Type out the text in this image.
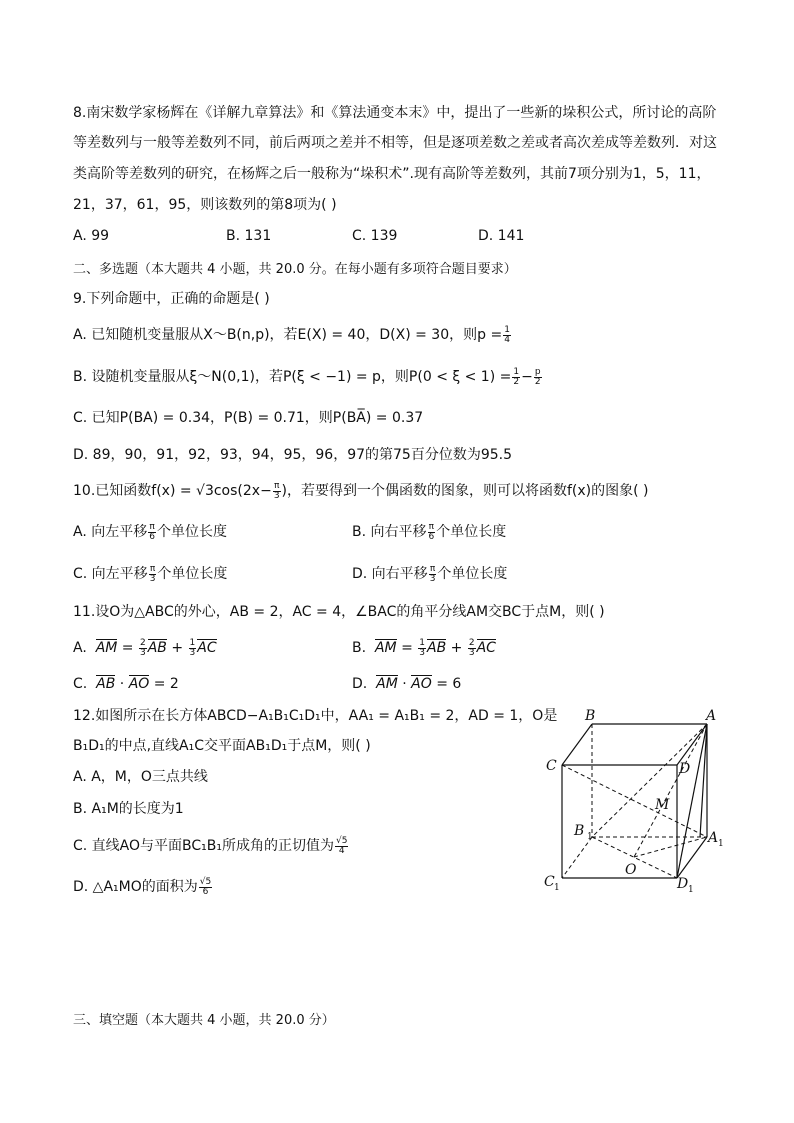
8.南宋数学家杨辉在《详解九章算法》和《算法通变本末》中，提出了一些新的垛积公式，所讨论的高阶
等差数列与一般等差数列不同，前后两项之差并不相等，但是逐项差数之差或者高次差成等差数列．对这
类高阶等差数列的研究，在杨辉之后一般称为“垛积术”.现有高阶等差数列，其前7项分别为1，5，11，
21，37，61，95，则该数列的第8项为( )
A. 99	B. 131	C. 139	D. 141
二、多选题（本大题共 4 小题，共 20.0 分。在每小题有多项符合题目要求）
9.下列命题中，正确的命题是( )
A. 已知随机变量服从X～B(n,p)，若E(X) = 40，D(X) = 30，则$p = \frac{1}{4}$
B. 设随机变量服从ξ～N(0,1)，若P(ξ < −1) = p，则$P(0 < \xi < 1) = \frac{1}{2} - \frac{p}{2}$
C. 已知P(BA) = 0.34，P(B) = 0.71，则P(BA̅) = 0.37
D. 89，90，91，92，93，94，95，96，97的第75百分位数为95.5
10.已知函数$f(x) = √3\cos(2x- \frac{\pi}{3}$ )，若要得到一个偶函数的图象，则可以将函数f(x)的图象( )
A. 向左平移 $\frac{\pi}{6}$ 个单位长度	B. 向右平移 $\frac{\pi}{6}$ 个单位长度
C. 向左平移 $\frac{\pi}{3}$ 个单位长度	D. 向右平移 $\frac{\pi}{3}$ 个单位长度
11.设O为△ABC的外心，AB = 2，AC = 4，∠BAC的角平分线AM交BC于点M，则( )
A. AM = $\frac{2}{3}$ AB + $\frac{1}{3}$ AC	B. AM = $\frac{1}{3}$ AB + $\frac{2}{3}$ AC
C. AB · AO = 2	D. AM · AO = 6
12.如图所示在长方体ABCD−A₁B₁C₁D₁中，AA₁ = A₁B₁ = 2，AD = 1，O是
B₁D₁的中点,直线A₁C交平面AB₁D₁于点M，则( )
A. A，M，O三点共线
B. A₁M的长度为1
C. 直线AO与平面BC₁B₁所成角的正切值为 $\frac{√5}{4}$
D. △A₁MO的面积为 $\frac{√5}{6}$
B	A
C	D
M
B 1	A 1
O
C 1	D 1
三、填空题（本大题共 4 小题，共 20.0 分）
